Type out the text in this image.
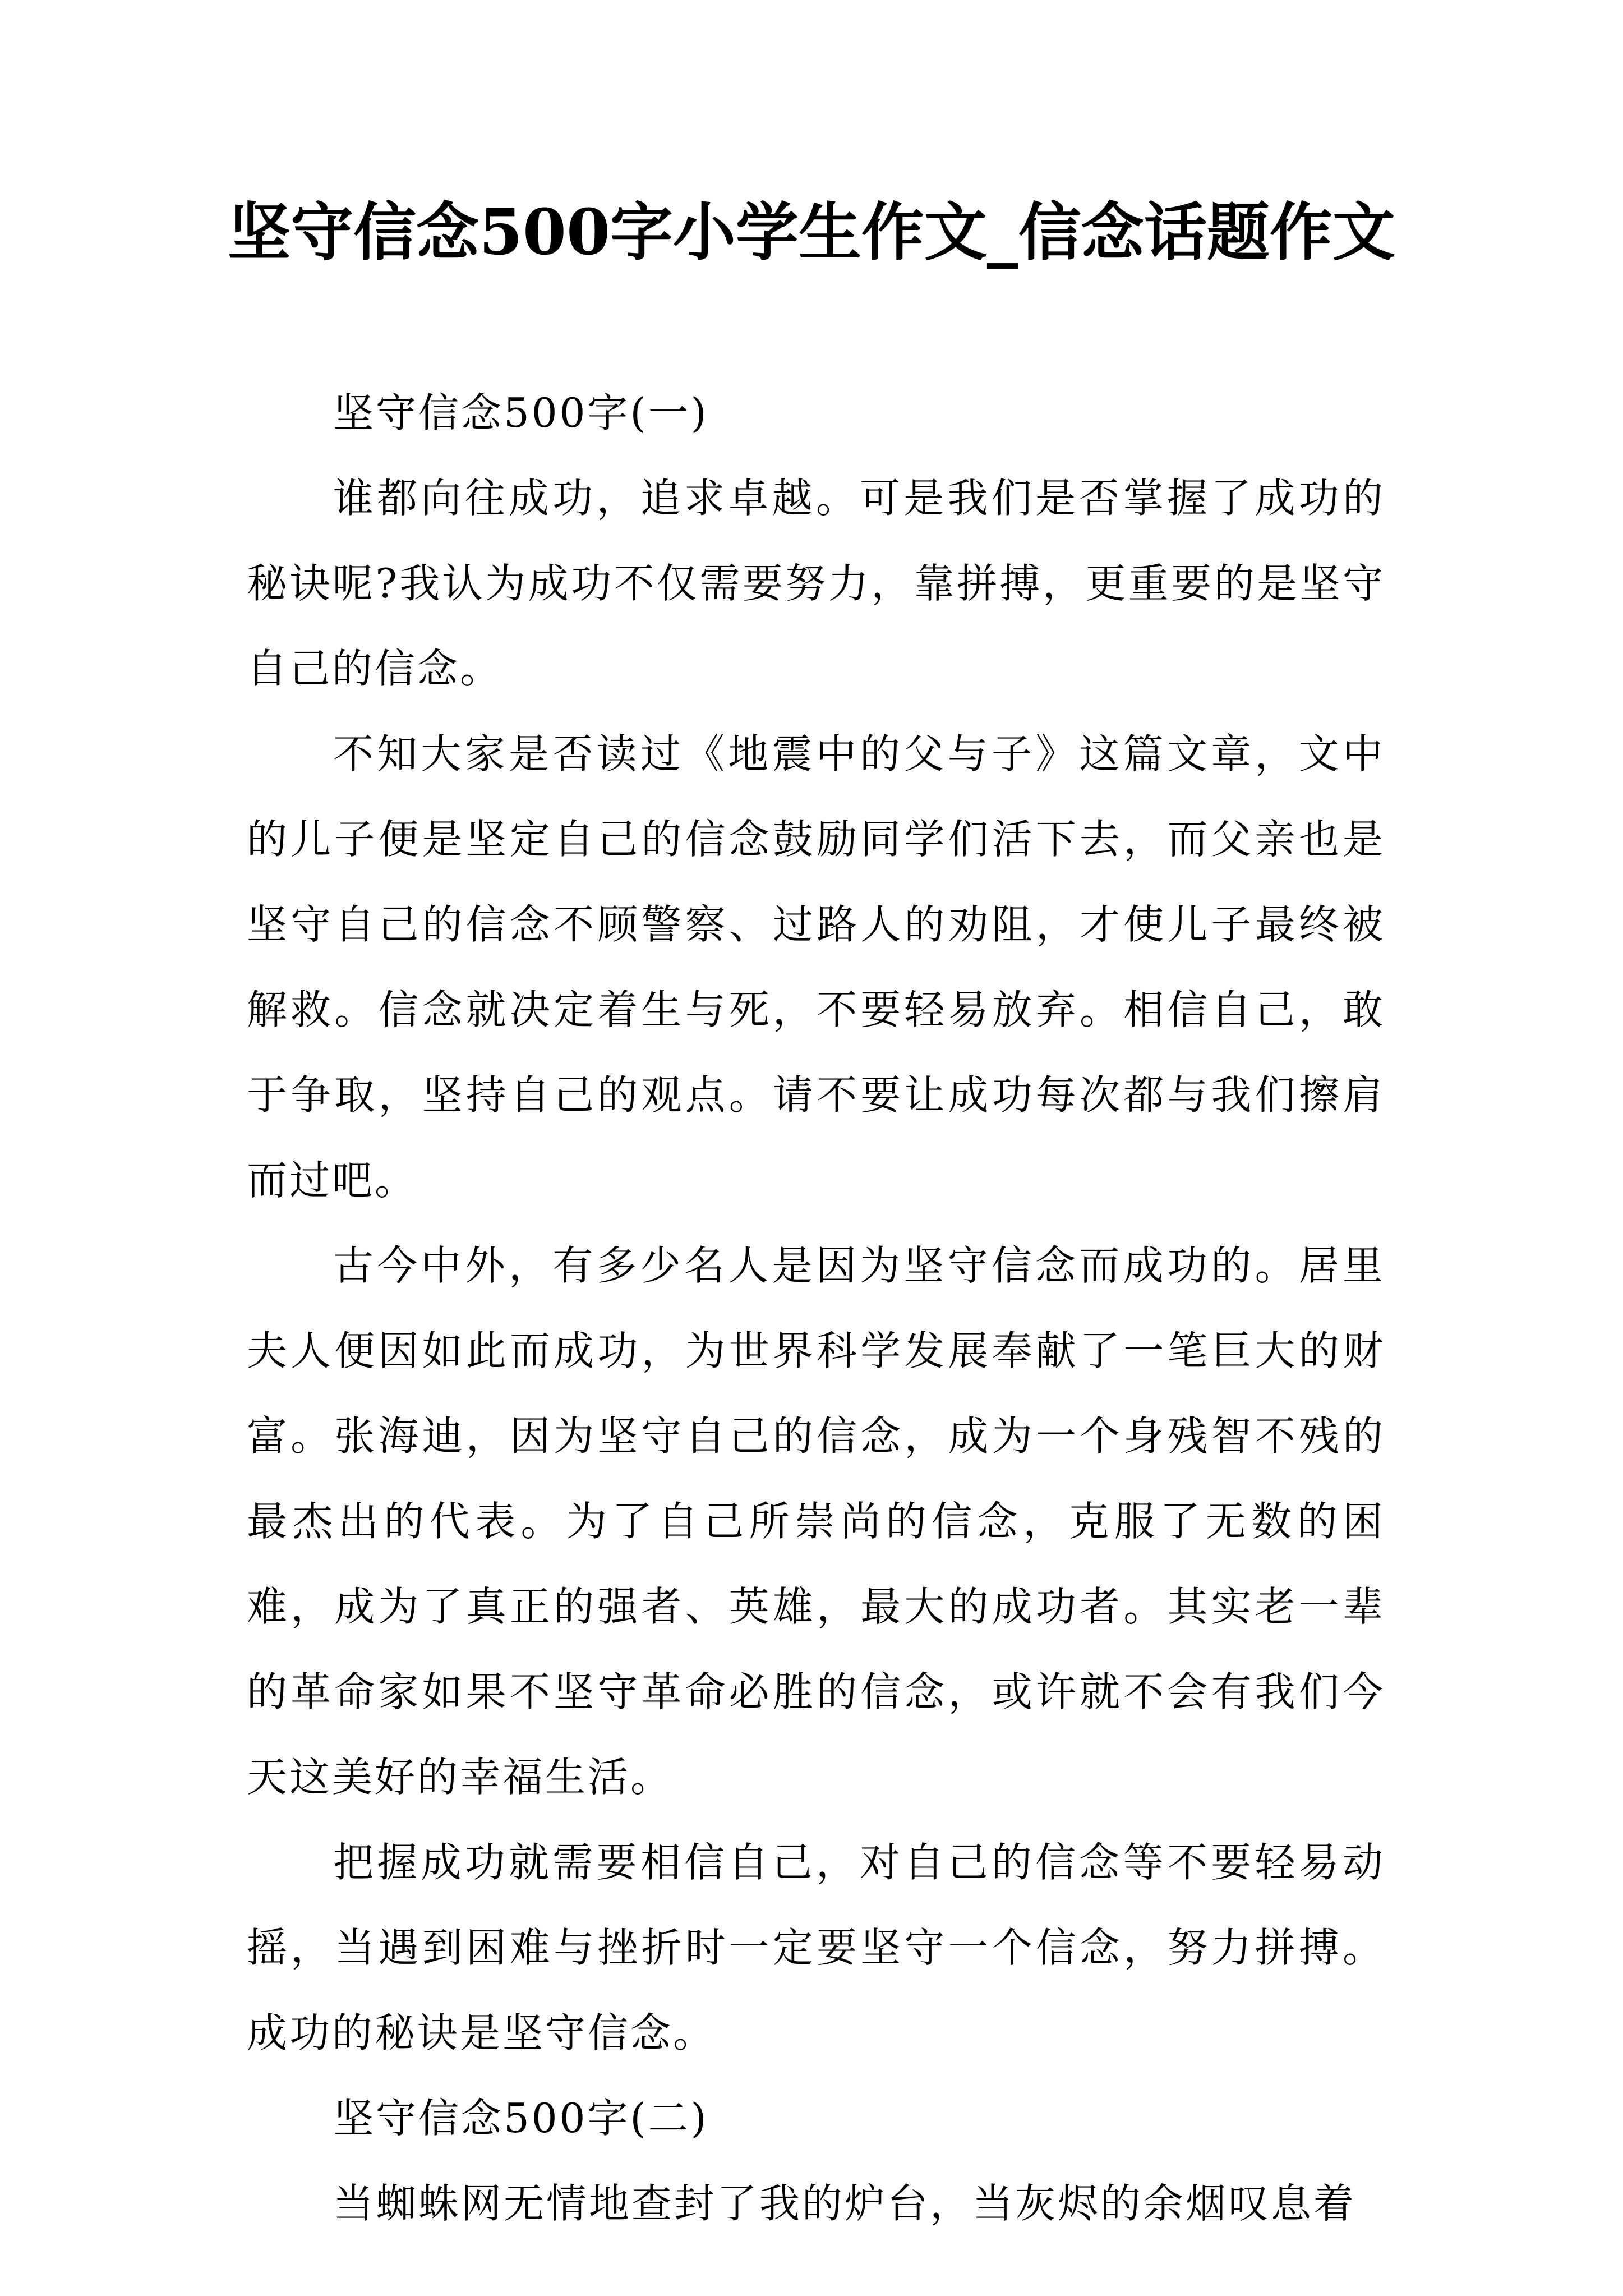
坚守信念500字小学生作文_信念话题作文

坚守信念500字(一)

谁都向往成功，追求卓越。可是我们是否掌握了成功的秘诀呢?我认为成功不仅需要努力，靠拼搏，更重要的是坚守自己的信念。

不知大家是否读过《地震中的父与子》这篇文章，文中的儿子便是坚定自己的信念鼓励同学们活下去，而父亲也是坚守自己的信念不顾警察、过路人的劝阻，才使儿子最终被解救。信念就决定着生与死，不要轻易放弃。相信自己，敢于争取，坚持自己的观点。请不要让成功每次都与我们擦肩而过吧。

古今中外，有多少名人是因为坚守信念而成功的。居里夫人便因如此而成功，为世界科学发展奉献了一笔巨大的财富。张海迪，因为坚守自己的信念，成为一个身残智不残的最杰出的代表。为了自己所崇尚的信念，克服了无数的困难，成为了真正的强者、英雄，最大的成功者。其实老一辈的革命家如果不坚守革命必胜的信念，或许就不会有我们今天这美好的幸福生活。

把握成功就需要相信自己，对自己的信念等不要轻易动摇，当遇到困难与挫折时一定要坚守一个信念，努力拼搏。成功的秘诀是坚守信念。

坚守信念500字(二)

当蜘蛛网无情地查封了我的炉台，当灰烬的余烟叹息着
